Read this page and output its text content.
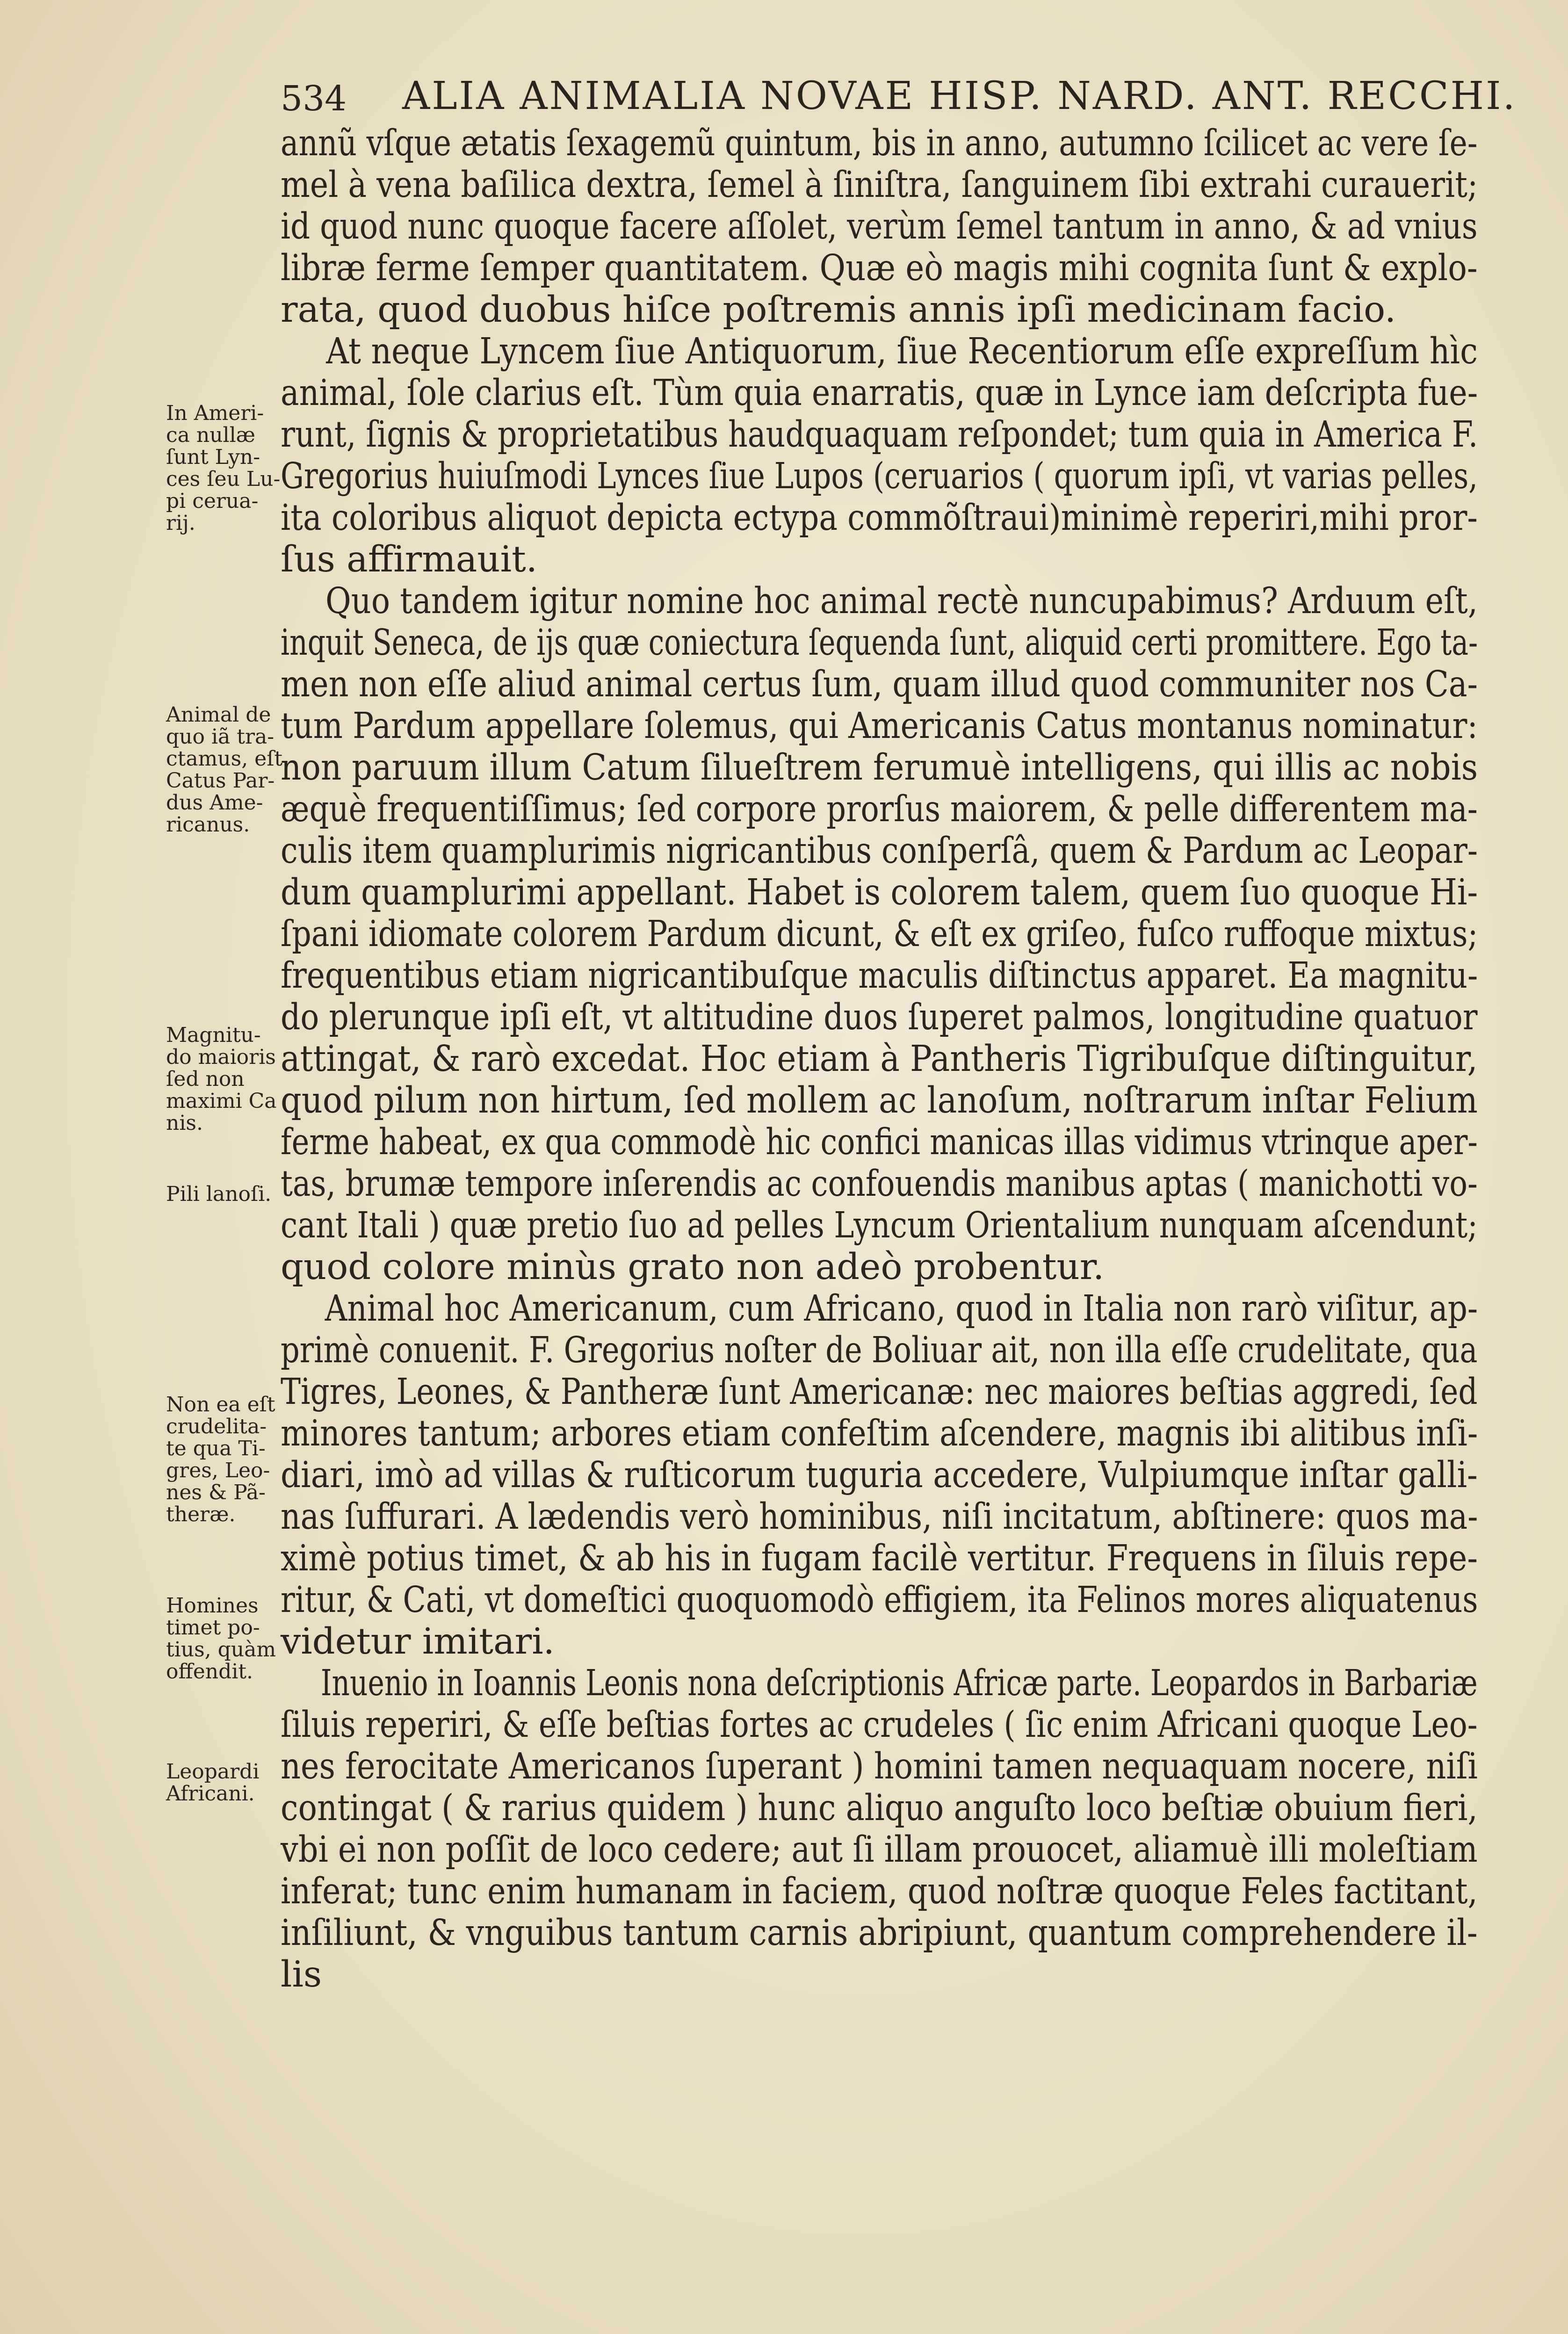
534 ALIA ANIMALIA NOVAE HISP. NARD. ANT. RECCHI.
annũ vſque ætatis ſexagemũ quintum, bis in anno, autumno ſcilicet ac vere ſe-
mel à vena baſilica dextra, ſemel à ſiniſtra, ſanguinem ſibi extrahi curauerit;
id quod nunc quoque facere aſſolet, verùm ſemel tantum in anno, & ad vnius
libræ ferme ſemper quantitatem. Quæ eò magis mihi cognita ſunt & explo-
rata, quod duobus hiſce poſtremis annis ipſi medicinam facio.
At neque Lyncem ſiue Antiquorum, ſiue Recentiorum eſſe expreſſum hìc
animal, ſole clarius eſt. Tùm quia enarratis, quæ in Lynce iam deſcripta fue-
runt, ſignis & proprietatibus haudquaquam reſpondet; tum quia in America F.
Gregorius huiuſmodi Lynces ſiue Lupos (ceruarios ( quorum ipſi, vt varias pelles,
ita coloribus aliquot depicta ectypa commõſtraui)minimè reperiri,mihi pror-
ſus affirmauit.
Quo tandem igitur nomine hoc animal rectè nuncupabimus? Arduum eſt,
inquit Seneca, de ijs quæ coniectura ſequenda ſunt, aliquid certi promittere. Ego ta-
men non eſſe aliud animal certus ſum, quam illud quod communiter nos Ca-
tum Pardum appellare ſolemus, qui Americanis Catus montanus nominatur:
non paruum illum Catum ſilueſtrem ferumuè intelligens, qui illis ac nobis
æquè frequentiſſimus; ſed corpore prorſus maiorem, & pelle differentem ma-
culis item quamplurimis nigricantibus conſperſâ, quem & Pardum ac Leopar-
dum quamplurimi appellant. Habet is colorem talem, quem ſuo quoque Hi-
ſpani idiomate colorem Pardum dicunt, & eſt ex griſeo, fuſco ruffoque mixtus;
frequentibus etiam nigricantibuſque maculis diſtinctus apparet. Ea magnitu-
do plerunque ipſi eſt, vt altitudine duos ſuperet palmos, longitudine quatuor
attingat, & rarò excedat. Hoc etiam à Pantheris Tigribuſque diſtinguitur,
quod pilum non hirtum, ſed mollem ac lanoſum, noſtrarum inſtar Felium
ferme habeat, ex qua commodè hic confici manicas illas vidimus vtrinque aper-
tas, brumæ tempore inſerendis ac confouendis manibus aptas ( manichotti vo-
cant Itali ) quæ pretio ſuo ad pelles Lyncum Orientalium nunquam aſcendunt;
quod colore minùs grato non adeò probentur.
Animal hoc Americanum, cum Africano, quod in Italia non rarò viſitur, ap-
primè conuenit. F. Gregorius noſter de Boliuar ait, non illa eſſe crudelitate, qua
Tigres, Leones, & Pantheræ ſunt Americanæ: nec maiores beſtias aggredi, ſed
minores tantum; arbores etiam confeſtim aſcendere, magnis ibi alitibus inſi-
diari, imò ad villas & ruſticorum tuguria accedere, Vulpiumque inſtar galli-
nas ſuffurari. A lædendis verò hominibus, niſi incitatum, abſtinere: quos ma-
ximè potius timet, & ab his in fugam facilè vertitur. Frequens in ſiluis repe-
ritur, & Cati, vt domeſtici quoquomodò effigiem, ita Felinos mores aliquatenus
videtur imitari.
Inuenio in Ioannis Leonis nona deſcriptionis Africæ parte. Leopardos in Barbariæ
ſiluis reperiri, & eſſe beſtias fortes ac crudeles ( ſic enim Africani quoque Leo-
nes ferocitate Americanos ſuperant ) homini tamen nequaquam nocere, niſi
contingat ( & rarius quidem ) hunc aliquo anguſto loco beſtiæ obuium fieri,
vbi ei non poſſit de loco cedere; aut ſi illam prouocet, aliamuè illi moleſtiam
inferat; tunc enim humanam in faciem, quod noſtræ quoque Feles factitant,
inſiliunt, & vnguibus tantum carnis abripiunt, quantum comprehendere il-
lis
In Ameri-
ca nullæ
ſunt Lyn-
ces ſeu Lu-
pi cerua-
rij.
Animal de
quo iã tra-
ctamus, eſt
Catus Par-
dus Ame-
ricanus.
Magnitu-
do maioris
ſed non
maximi Ca
nis.
Pili lanoſi.
Non ea eſt
crudelita-
te qua Ti-
gres, Leo-
nes & Pã-
theræ.
Homines
timet po-
tius, quàm
offendit.
Leopardi
Africani.
